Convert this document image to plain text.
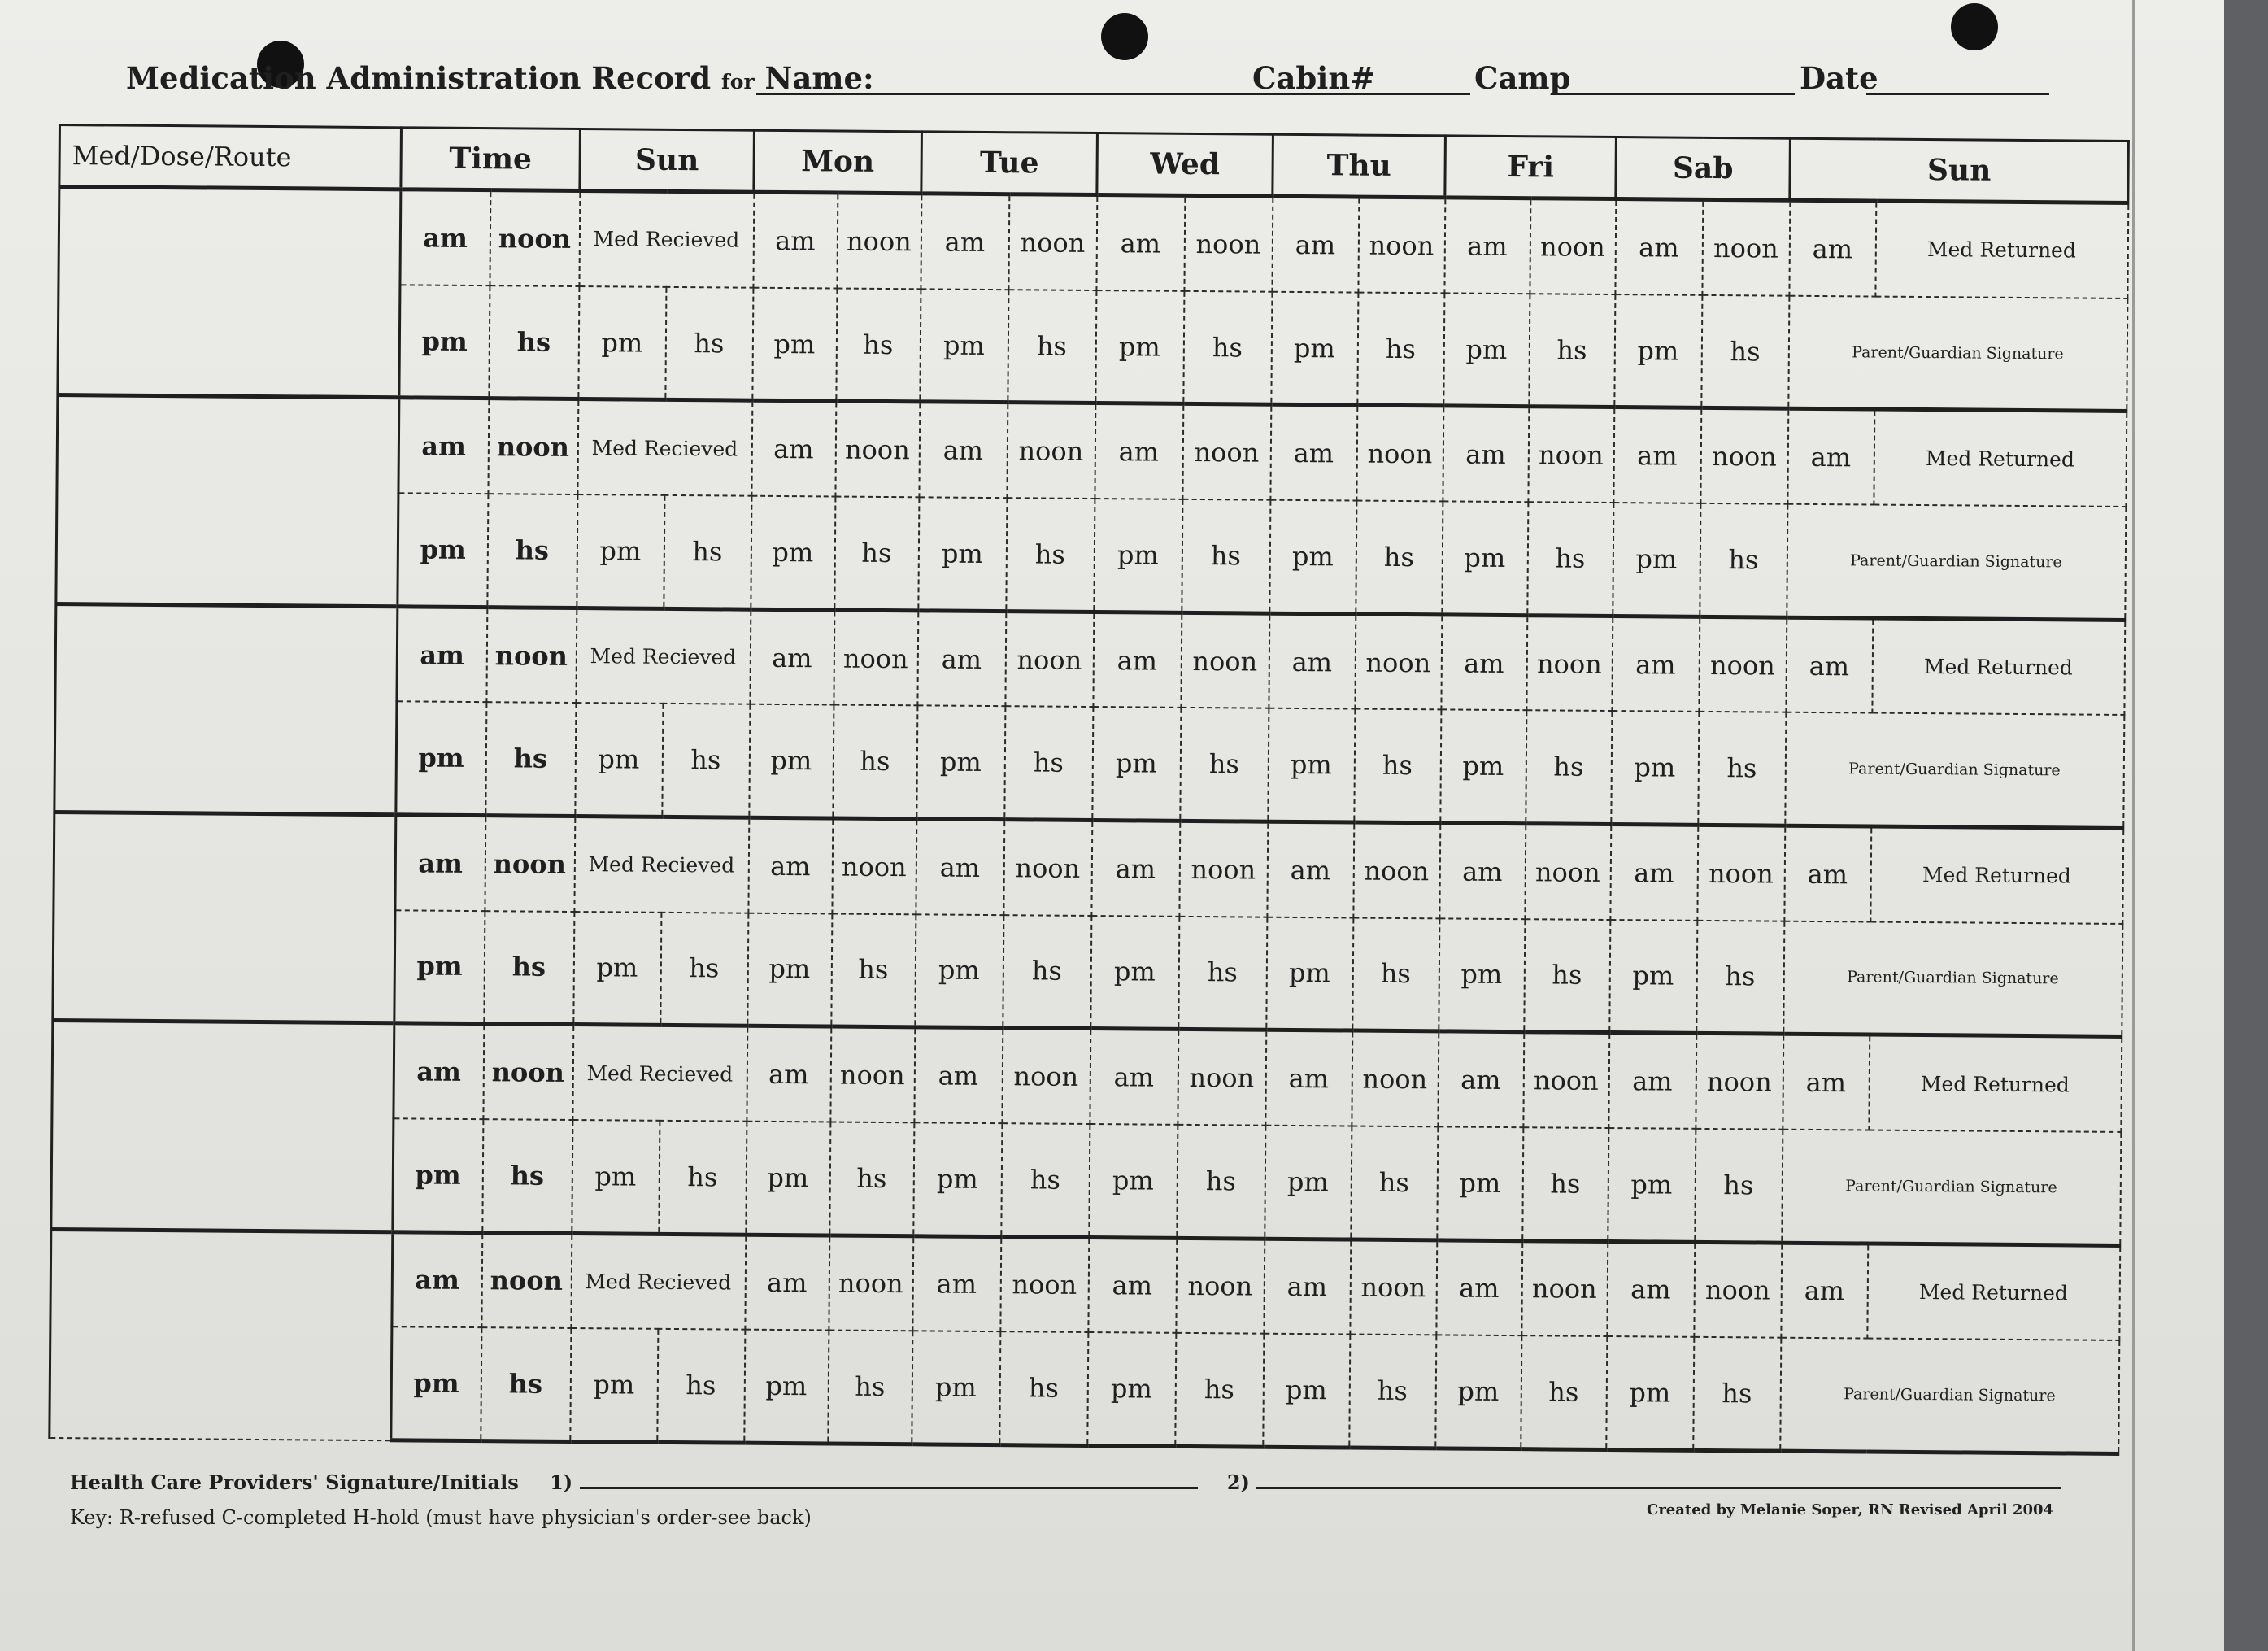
Medication Administration Record for Name:	Cabin#	Camp	Date
Med/Dose/Route	Time		Sun		Mon		Tue		Wed		Thu		Fri		Sab		Sun	
	am	noon	Med Recieved		am	noon	am	noon	am	noon	am	noon	am	noon	am	noon	am	Med Returned
	pm	hs	pm	hs	pm	hs	pm	hs	pm	hs	pm	hs	pm	hs	pm	hs	Parent/Guardian Signature	
	am	noon	Med Recieved		am	noon	am	noon	am	noon	am	noon	am	noon	am	noon	am	Med Returned
	pm	hs	pm	hs	pm	hs	pm	hs	pm	hs	pm	hs	pm	hs	pm	hs	Parent/Guardian Signature	
	am	noon	Med Recieved		am	noon	am	noon	am	noon	am	noon	am	noon	am	noon	am	Med Returned
	pm	hs	pm	hs	pm	hs	pm	hs	pm	hs	pm	hs	pm	hs	pm	hs	Parent/Guardian Signature	
	am	noon	Med Recieved		am	noon	am	noon	am	noon	am	noon	am	noon	am	noon	am	Med Returned
	pm	hs	pm	hs	pm	hs	pm	hs	pm	hs	pm	hs	pm	hs	pm	hs	Parent/Guardian Signature	
	am	noon	Med Recieved		am	noon	am	noon	am	noon	am	noon	am	noon	am	noon	am	Med Returned
	pm	hs	pm	hs	pm	hs	pm	hs	pm	hs	pm	hs	pm	hs	pm	hs	Parent/Guardian Signature	
	am	noon	Med Recieved		am	noon	am	noon	am	noon	am	noon	am	noon	am	noon	am	Med Returned
	pm	hs	pm	hs	pm	hs	pm	hs	pm	hs	pm	hs	pm	hs	pm	hs	Parent/Guardian Signature	
Health Care Providers' Signature/Initials 1)	2)
Key: R-refused C-completed H-hold (must have physician's order-see back)	Created by Melanie Soper, RN Revised April 2004
